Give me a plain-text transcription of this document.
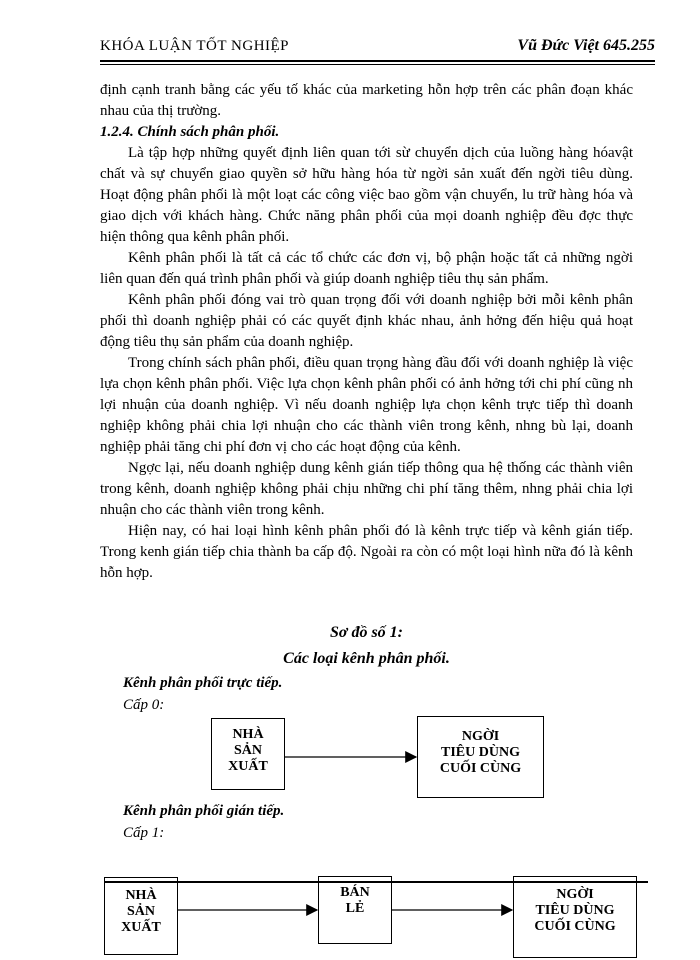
KHÓA LUẬN TỐT NGHIỆP	Vũ Đức Việt 645.255

định cạnh tranh bằng các yếu tố khác của marketing hỗn hợp trên các phân đoạn khác nhau của thị trường.

1.2.4. Chính sách phân phối.

Là tập hợp những quyết định liên quan tới sừ chuyển dịch của luồng hàng hóavật chất và sự chuyển giao quyền sở hữu hàng hóa từ ngời sản xuất đến ngời tiêu dùng. Hoạt động phân phối là một loạt các công việc bao gồm vận chuyển, lu trữ hàng hóa và giao dịch với khách hàng. Chức năng phân phối của mọi doanh nghiệp đều đợc thực hiện thông qua kênh phân phối.

Kênh phân phối là tất cả các tổ chức các đơn vị, bộ phận hoặc tất cả những ngời liên quan đến quá trình phân phối và giúp doanh nghiệp tiêu thụ sản phẩm.

Kênh phân phối đóng vai trò quan trọng đối với doanh nghiệp bởi mỗi kênh phân phối thì doanh nghiệp phải có các quyết định khác nhau, ảnh hởng đến hiệu quả hoạt động tiêu thụ sản phẩm của doanh nghiệp.

Trong chính sách phân phối, điều quan trọng hàng đầu đối với doanh nghiệp là việc lựa chọn kênh phân phối. Việc lựa chọn kênh phân phối có ảnh hởng tới chi phí cũng nh lợi nhuận của doanh nghiệp. Vì nếu doanh nghiệp lựa chọn kênh trực tiếp thì doanh nghiệp không phải chia lợi nhuận cho các thành viên trong kênh, nhng bù lại, doanh nghiệp phải tăng chi phí đơn vị cho các hoạt động của kênh.

Ngợc lại, nếu doanh nghiệp dung kênh gián tiếp thông qua hệ thống các thành viên trong kênh, doanh nghiệp không phải chịu những chi phí tăng thêm, nhng phải chia lợi nhuận cho các thành viên trong kênh.

Hiện nay, có hai loại hình kênh phân phối đó là kênh trực tiếp và kênh gián tiếp. Trong kenh gián tiếp chia thành ba cấp độ. Ngoài ra còn có một loại hình nữa đó là kênh hỗn hợp.

Sơ đồ số 1:
Các loại kênh phân phối.
Kênh phân phối trực tiếp.
Cấp 0:
NHÀ
SẢN
XUẤT
NGỜI
TIÊU DÙNG
CUỐI CÙNG
Kênh phân phối gián tiếp.
Cấp 1:
NHÀ
SẢN
XUẤT
BÁN
LẺ
NGỜI
TIÊU DÙNG
CUỐI CÙNG
